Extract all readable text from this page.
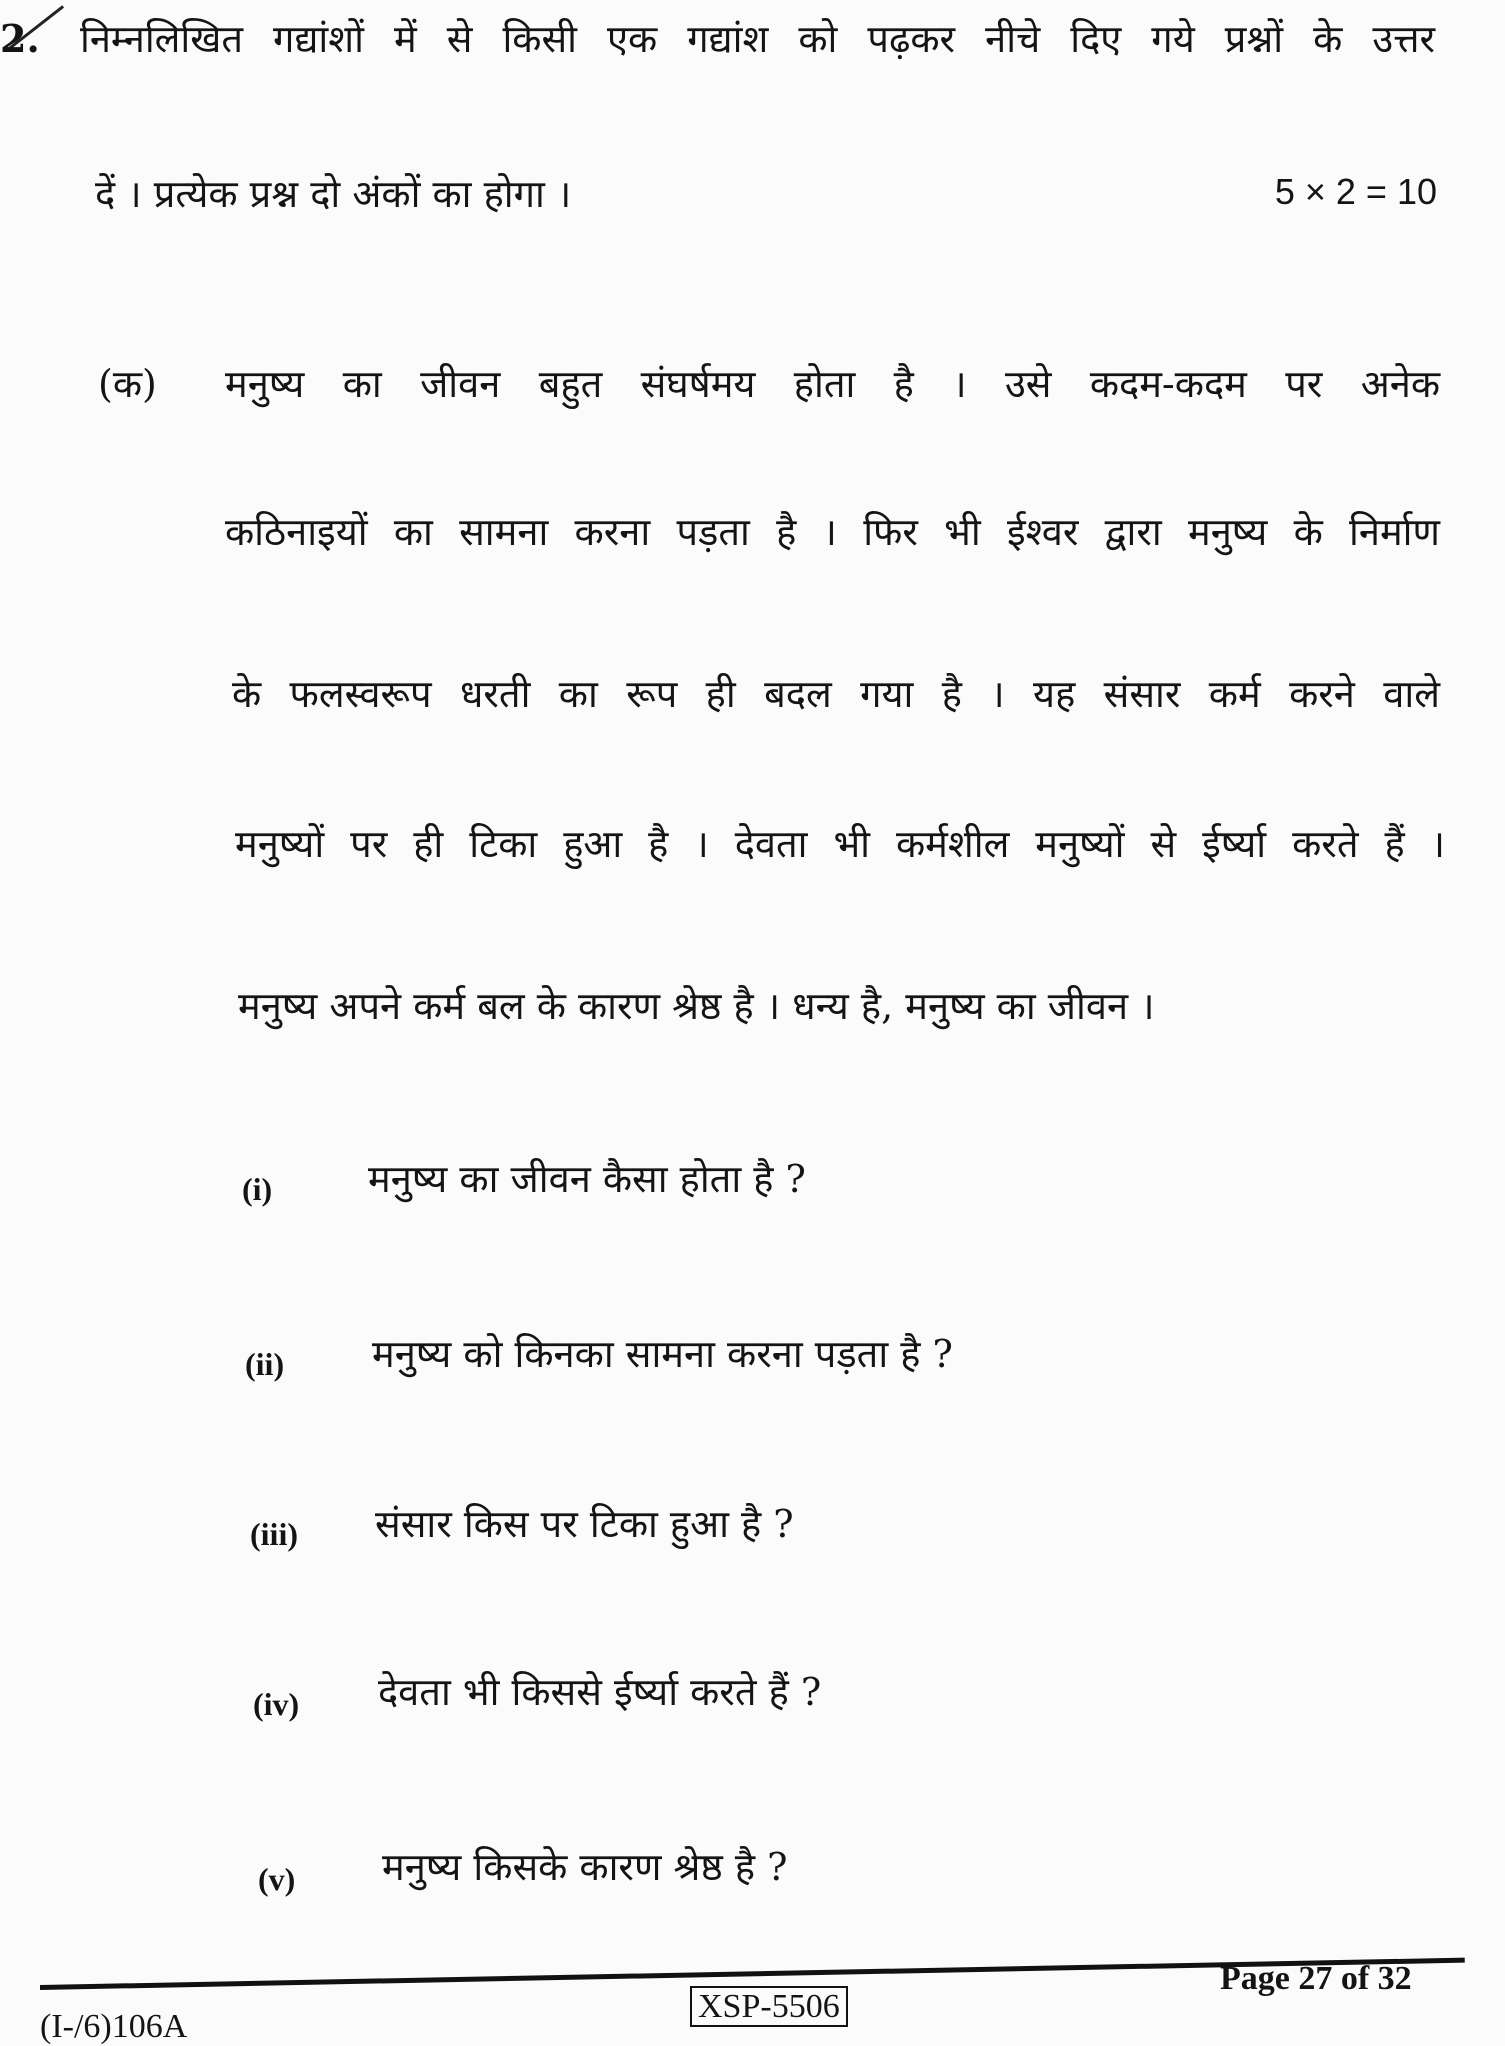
2. निम्नलिखित गद्यांशों में से किसी एक गद्यांश को पढ़कर नीचे दिए गये प्रश्नों के उत्तर
दें । प्रत्येक प्रश्न दो अंकों का होगा ।	5 × 2 = 10
(क) मनुष्य का जीवन बहुत संघर्षमय होता है । उसे कदम-कदम पर अनेक
कठिनाइयों का सामना करना पड़ता है । फिर भी ईश्वर द्वारा मनुष्य के निर्माण
के फलस्वरूप धरती का रूप ही बदल गया है । यह संसार कर्म करने वाले
मनुष्यों पर ही टिका हुआ है । देवता भी कर्मशील मनुष्यों से ईर्ष्या करते हैं ।
मनुष्य अपने कर्म बल के कारण श्रेष्ठ है । धन्य है, मनुष्य का जीवन ।
(i)	मनुष्य का जीवन कैसा होता है ?
(ii) मनुष्य को किनका सामना करना पड़ता है ?
(iii) संसार किस पर टिका हुआ है ?
(iv) देवता भी किससे ईर्ष्या करते हैं ?
(v) मनुष्य किसके कारण श्रेष्ठ है ?
(I-/6)106A
XSP-5506
Page 27 of 32
